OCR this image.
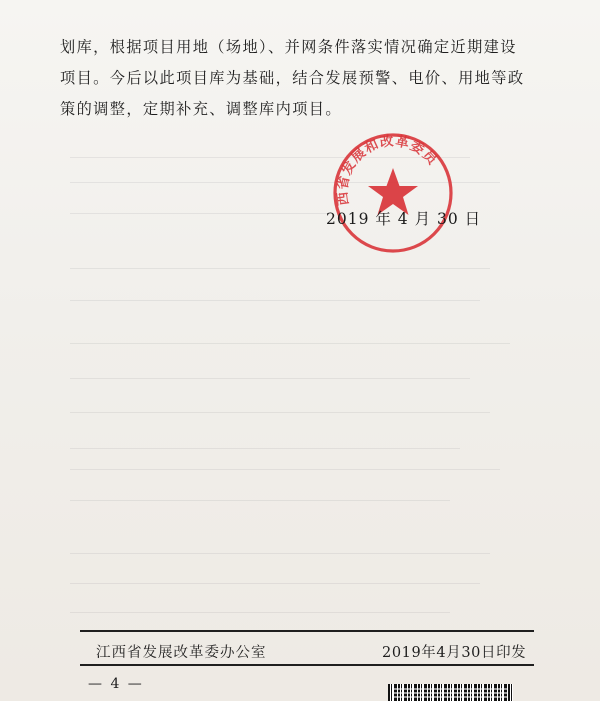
划库，根据项目用地（场地）、并网条件落实情况确定近期建设

项目。今后以此项目库为基础，结合发展预警、电价、用地等政

策的调整，定期补充、调整库内项目。

西省发展和改革委员
2019 年 4 月 30 日
江西省发展改革委办公室	2019年4月30日印发
— 4 —
